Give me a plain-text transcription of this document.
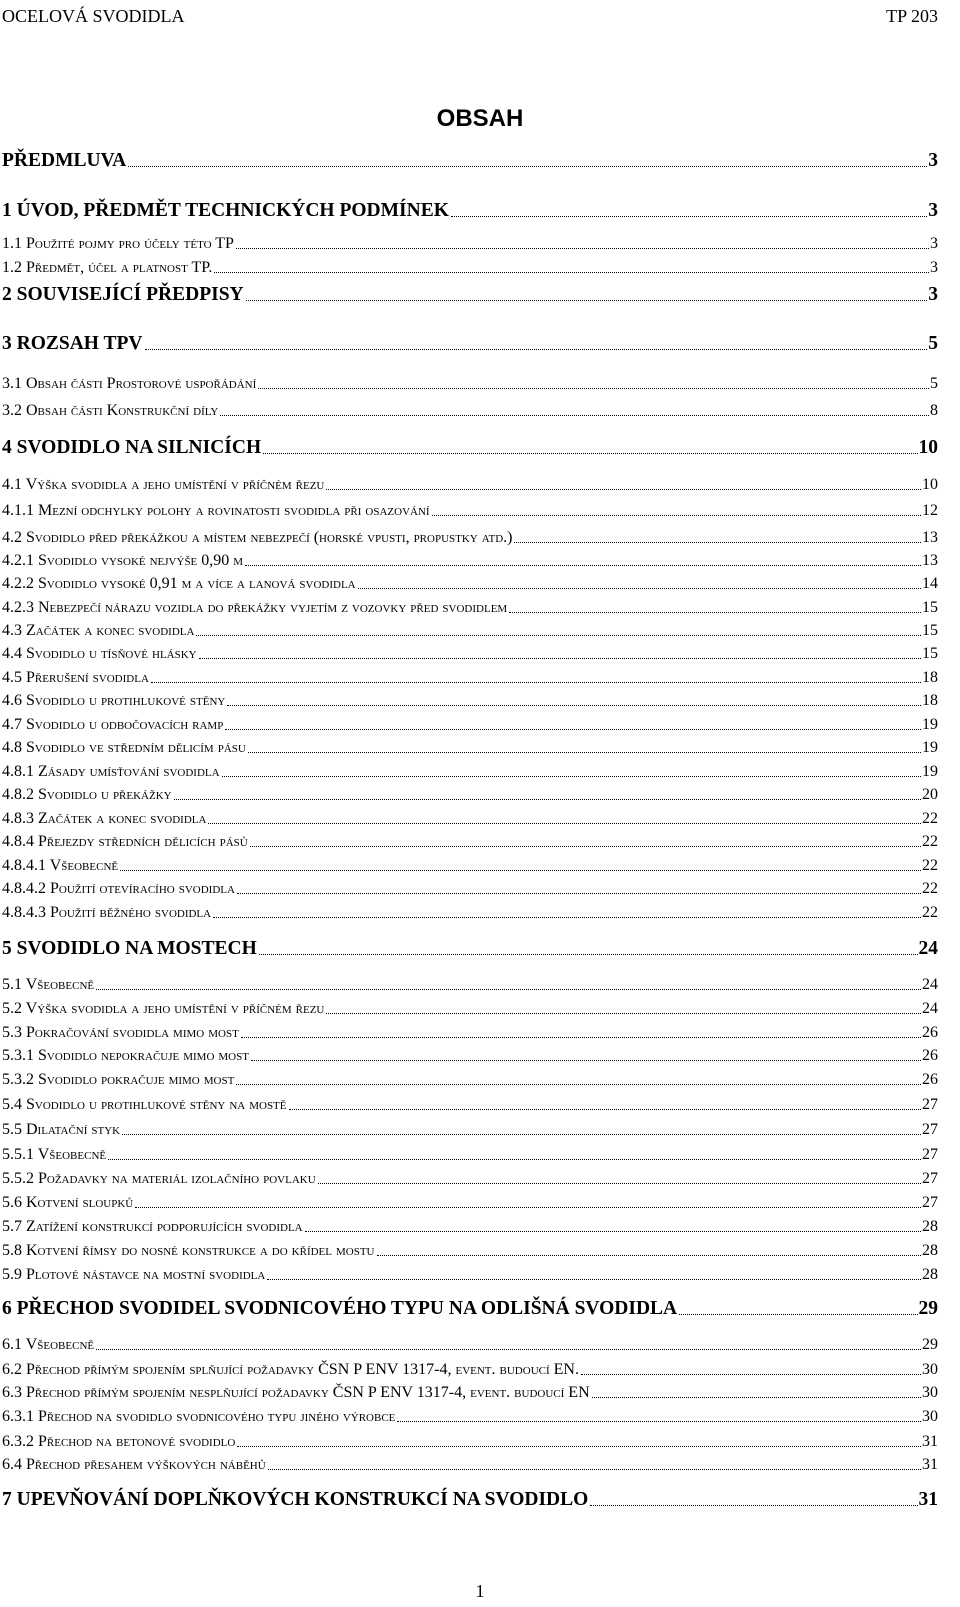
OCELOVÁ SVODIDLA	TP 203
OBSAH
PŘEDMLUVA	3
1 ÚVOD, PŘEDMĚT TECHNICKÝCH PODMÍNEK	3
1.1 Použité pojmy pro účely této TP	3
1.2 Předmět, účel a platnost TP.	3
2 SOUVISEJÍCÍ PŘEDPISY	3
3 ROZSAH TPV	5
3.1 Obsah části Prostorové uspořádání	5
3.2 Obsah části Konstrukční díly	8
4 SVODIDLO NA SILNICÍCH	10
4.1 Výška svodidla a jeho umístění v příčném řezu	10
4.1.1 Mezní odchylky polohy a rovinatosti svodidla při osazování	12
4.2 Svodidlo před překážkou a místem nebezpečí (horské vpusti, propustky atd.)	13
4.2.1 Svodidlo vysoké nejvýše 0,90 m	13
4.2.2 Svodidlo vysoké 0,91 m a více a lanová svodidla	14
4.2.3 Nebezpečí nárazu vozidla do překážky vyjetím z vozovky před svodidlem	15
4.3 Začátek a konec svodidla	15
4.4 Svodidlo u tísňové hlásky	15
4.5 Přerušení svodidla	18
4.6 Svodidlo u protihlukové stěny	18
4.7 Svodidlo u odbočovacích ramp	19
4.8 Svodidlo ve středním dělicím pásu	19
4.8.1 Zásady umísťování svodidla	19
4.8.2 Svodidlo u překážky	20
4.8.3 Začátek a konec svodidla	22
4.8.4 Přejezdy středních dělicích pásů	22
4.8.4.1 Všeobecně	22
4.8.4.2 Použití otevíracího svodidla	22
4.8.4.3 Použití běžného svodidla	22
5 SVODIDLO NA MOSTECH	24
5.1 Všeobecně	24
5.2 Výška svodidla a jeho umístění v příčném řezu	24
5.3 Pokračování svodidla mimo most	26
5.3.1 Svodidlo nepokračuje mimo most	26
5.3.2 Svodidlo pokračuje mimo most	26
5.4 Svodidlo u protihlukové stěny na mostě	27
5.5 Dilatační styk	27
5.5.1 Všeobecně	27
5.5.2 Požadavky na materiál izolačního povlaku	27
5.6 Kotvení sloupků	27
5.7 Zatížení konstrukcí podporujících svodidla	28
5.8 Kotvení římsy do nosné konstrukce a do křídel mostu	28
5.9 Plotové nástavce na mostní svodidla	28
6 PŘECHOD SVODIDEL SVODNICOVÉHO TYPU NA ODLIŠNÁ SVODIDLA	29
6.1 Všeobecně	29
6.2 Přechod přímým spojením splňující požadavky ČSN P ENV 1317-4, event. budoucí EN.	30
6.3 Přechod přímým spojením nesplňující požadavky ČSN P ENV 1317-4, event. budoucí EN	30
6.3.1 Přechod na svodidlo svodnicového typu jiného výrobce	30
6.3.2 Přechod na betonové svodidlo	31
6.4 Přechod přesahem výškových náběhů	31
7 UPEVŇOVÁNÍ DOPLŇKOVÝCH KONSTRUKCÍ NA SVODIDLO	31
1
